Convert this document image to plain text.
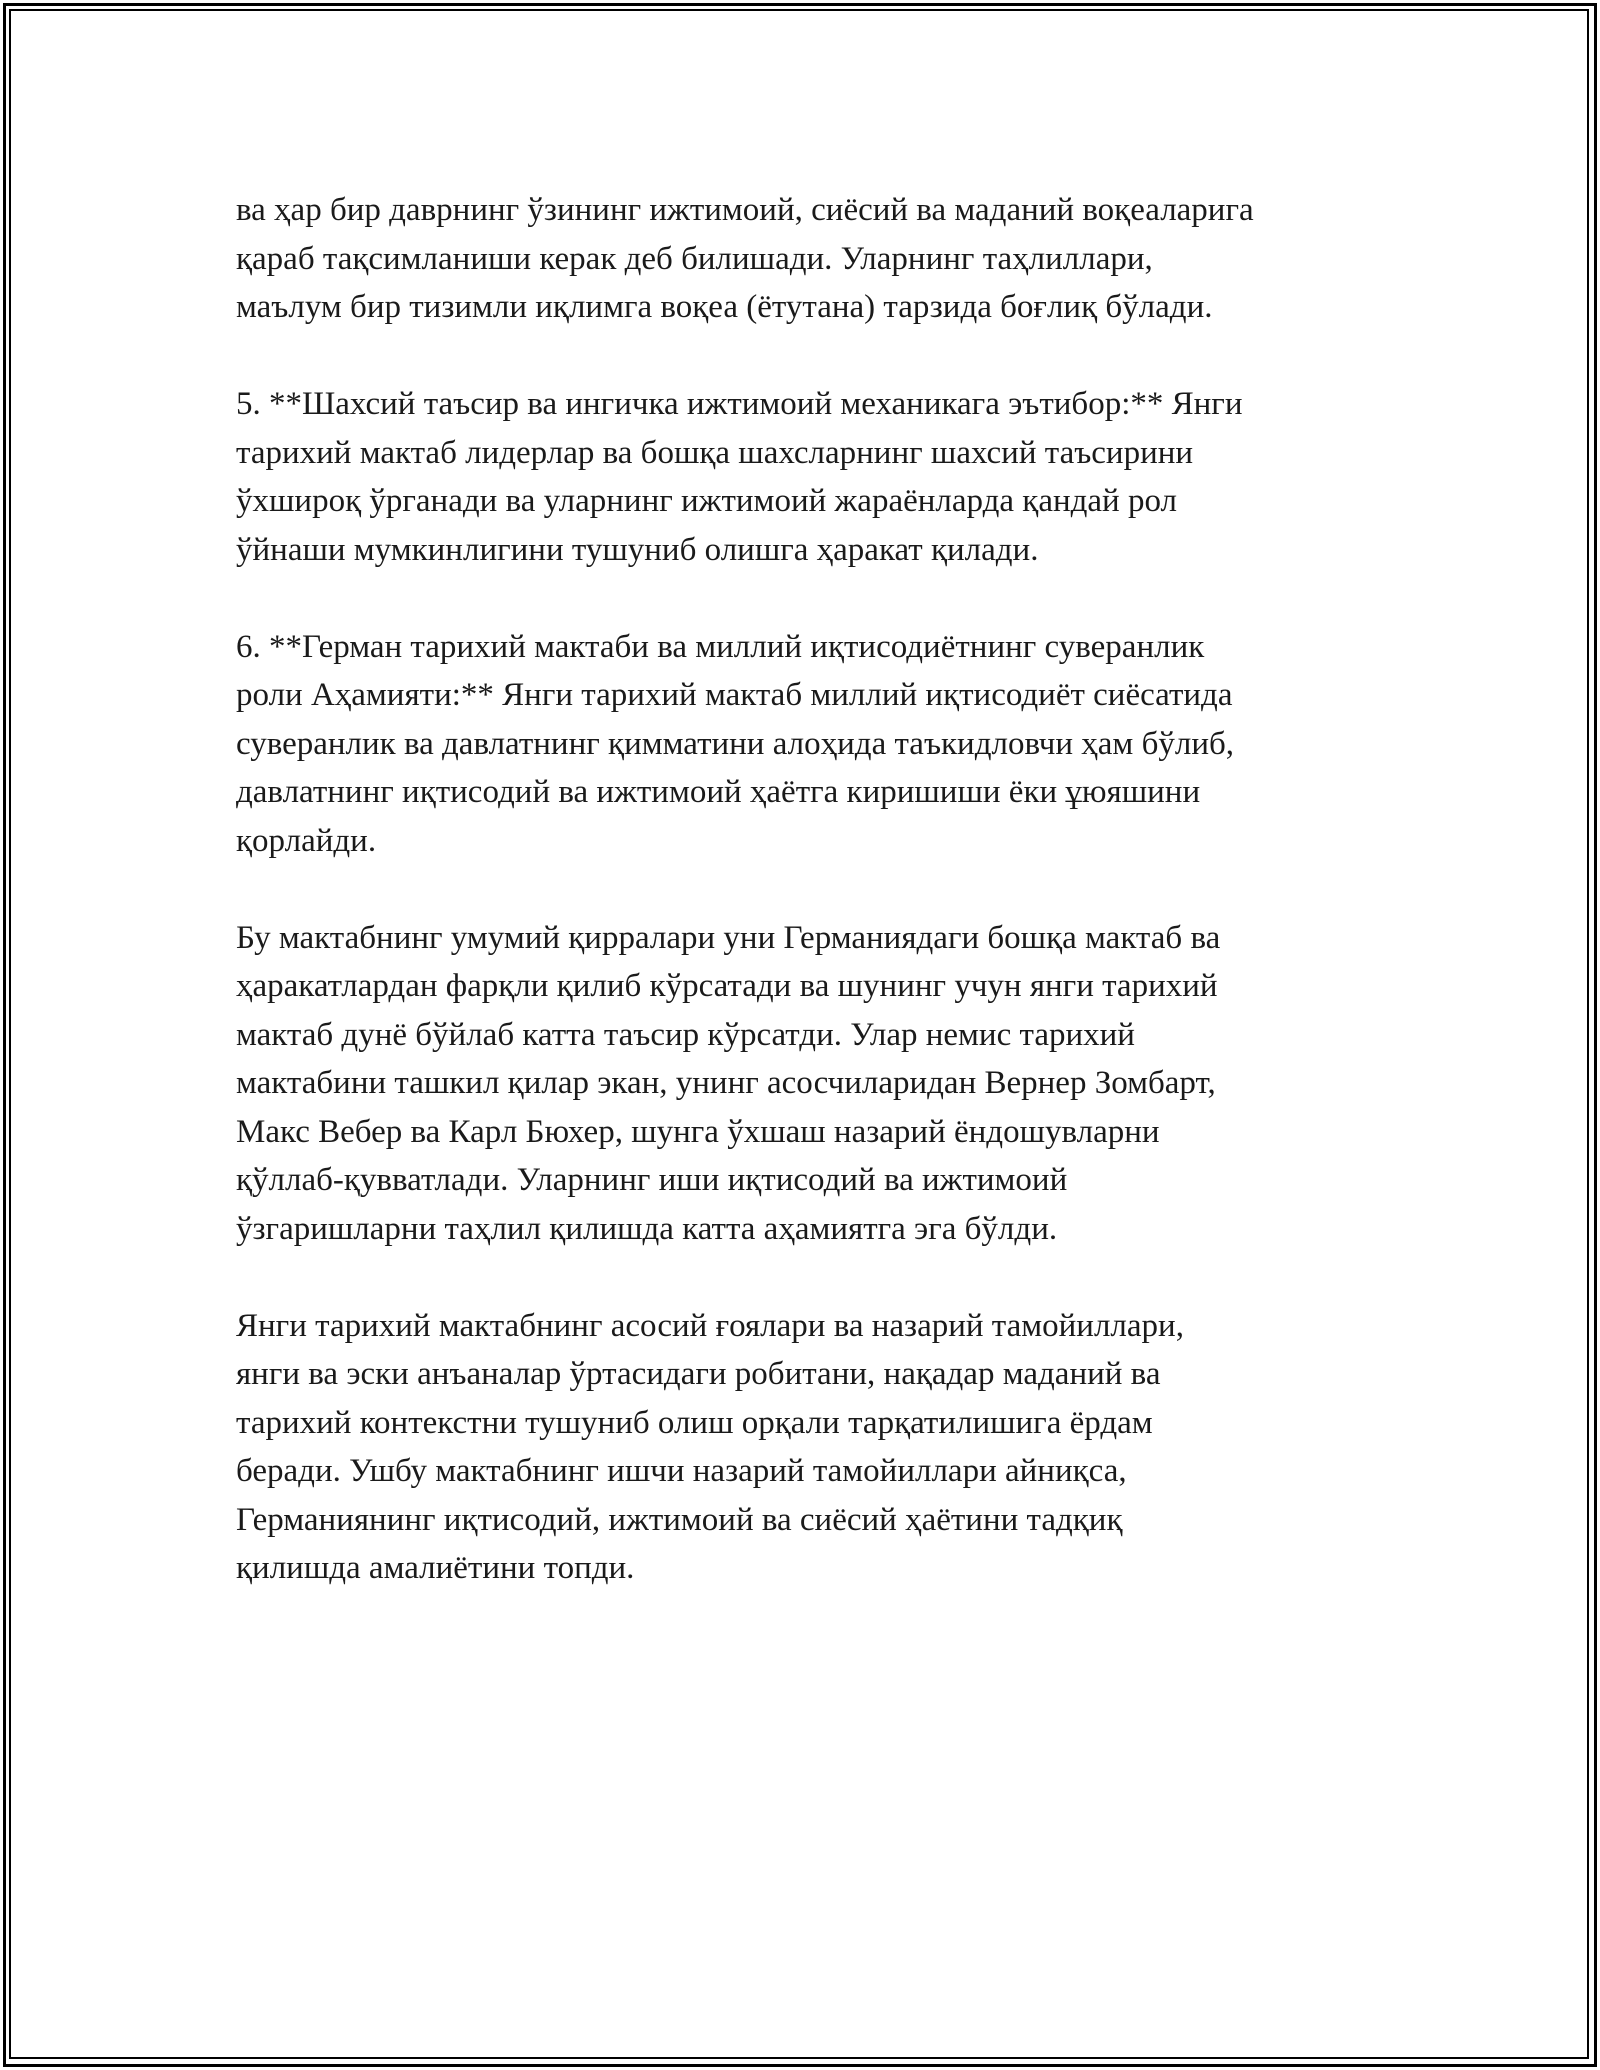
ва ҳар бир даврнинг ўзининг ижтимоий, сиёсий ва маданий воқеаларига
қараб тақсимланиши керак деб билишади. Уларнинг таҳлиллари,
маълум бир тизимли иқлимга воқеа (ётутана) тарзида боғлиқ бўлади.

5. **Шахсий таъсир ва ингичка ижтимоий механикага эътибор:** Янги
тарихий мактаб лидерлар ва бошқа шахсларнинг шахсий таъсирини
ўхшироқ ўрганади ва уларнинг ижтимоий жараёнларда қандай рол
ўйнаши мумкинлигини тушуниб олишга ҳаракат қилади.

6. **Герман тарихий мактаби ва миллий иқтисодиётнинг суверанлик
роли Аҳамияти:** Янги тарихий мактаб миллий иқтисодиёт сиёсатида
суверанлик ва давлатнинг қимматини алоҳида таъкидловчи ҳам бўлиб,
давлатнинг иқтисодий ва ижтимоий ҳаётга киришиши ёки ұюяшини
қорлайди.

Бу мактабнинг умумий қирралари уни Германиядаги бошқа мактаб ва
ҳаракатлардан фарқли қилиб кўрсатади ва шунинг учун янги тарихий
мактаб дунё бўйлаб катта таъсир кўрсатди. Улар немис тарихий
мактабини ташкил қилар экан, унинг асосчиларидан Вернер Зомбарт,
Макс Вебер ва Карл Бюхер, шунга ўхшаш назарий ёндошувларни
қўллаб-қувватлади. Уларнинг иши иқтисодий ва ижтимоий
ўзгаришларни таҳлил қилишда катта аҳамиятга эга бўлди.

Янги тарихий мактабнинг асосий ғоялари ва назарий тамойиллари,
янги ва эски анъаналар ўртасидаги робитани, нақадар маданий ва
тарихий контекстни тушуниб олиш орқали тарқатилишига ёрдам
беради. Ушбу мактабнинг ишчи назарий тамойиллари айниқса,
Германиянинг иқтисодий, ижтимоий ва сиёсий ҳаётини тадқиқ
қилишда амалиётини топди.
